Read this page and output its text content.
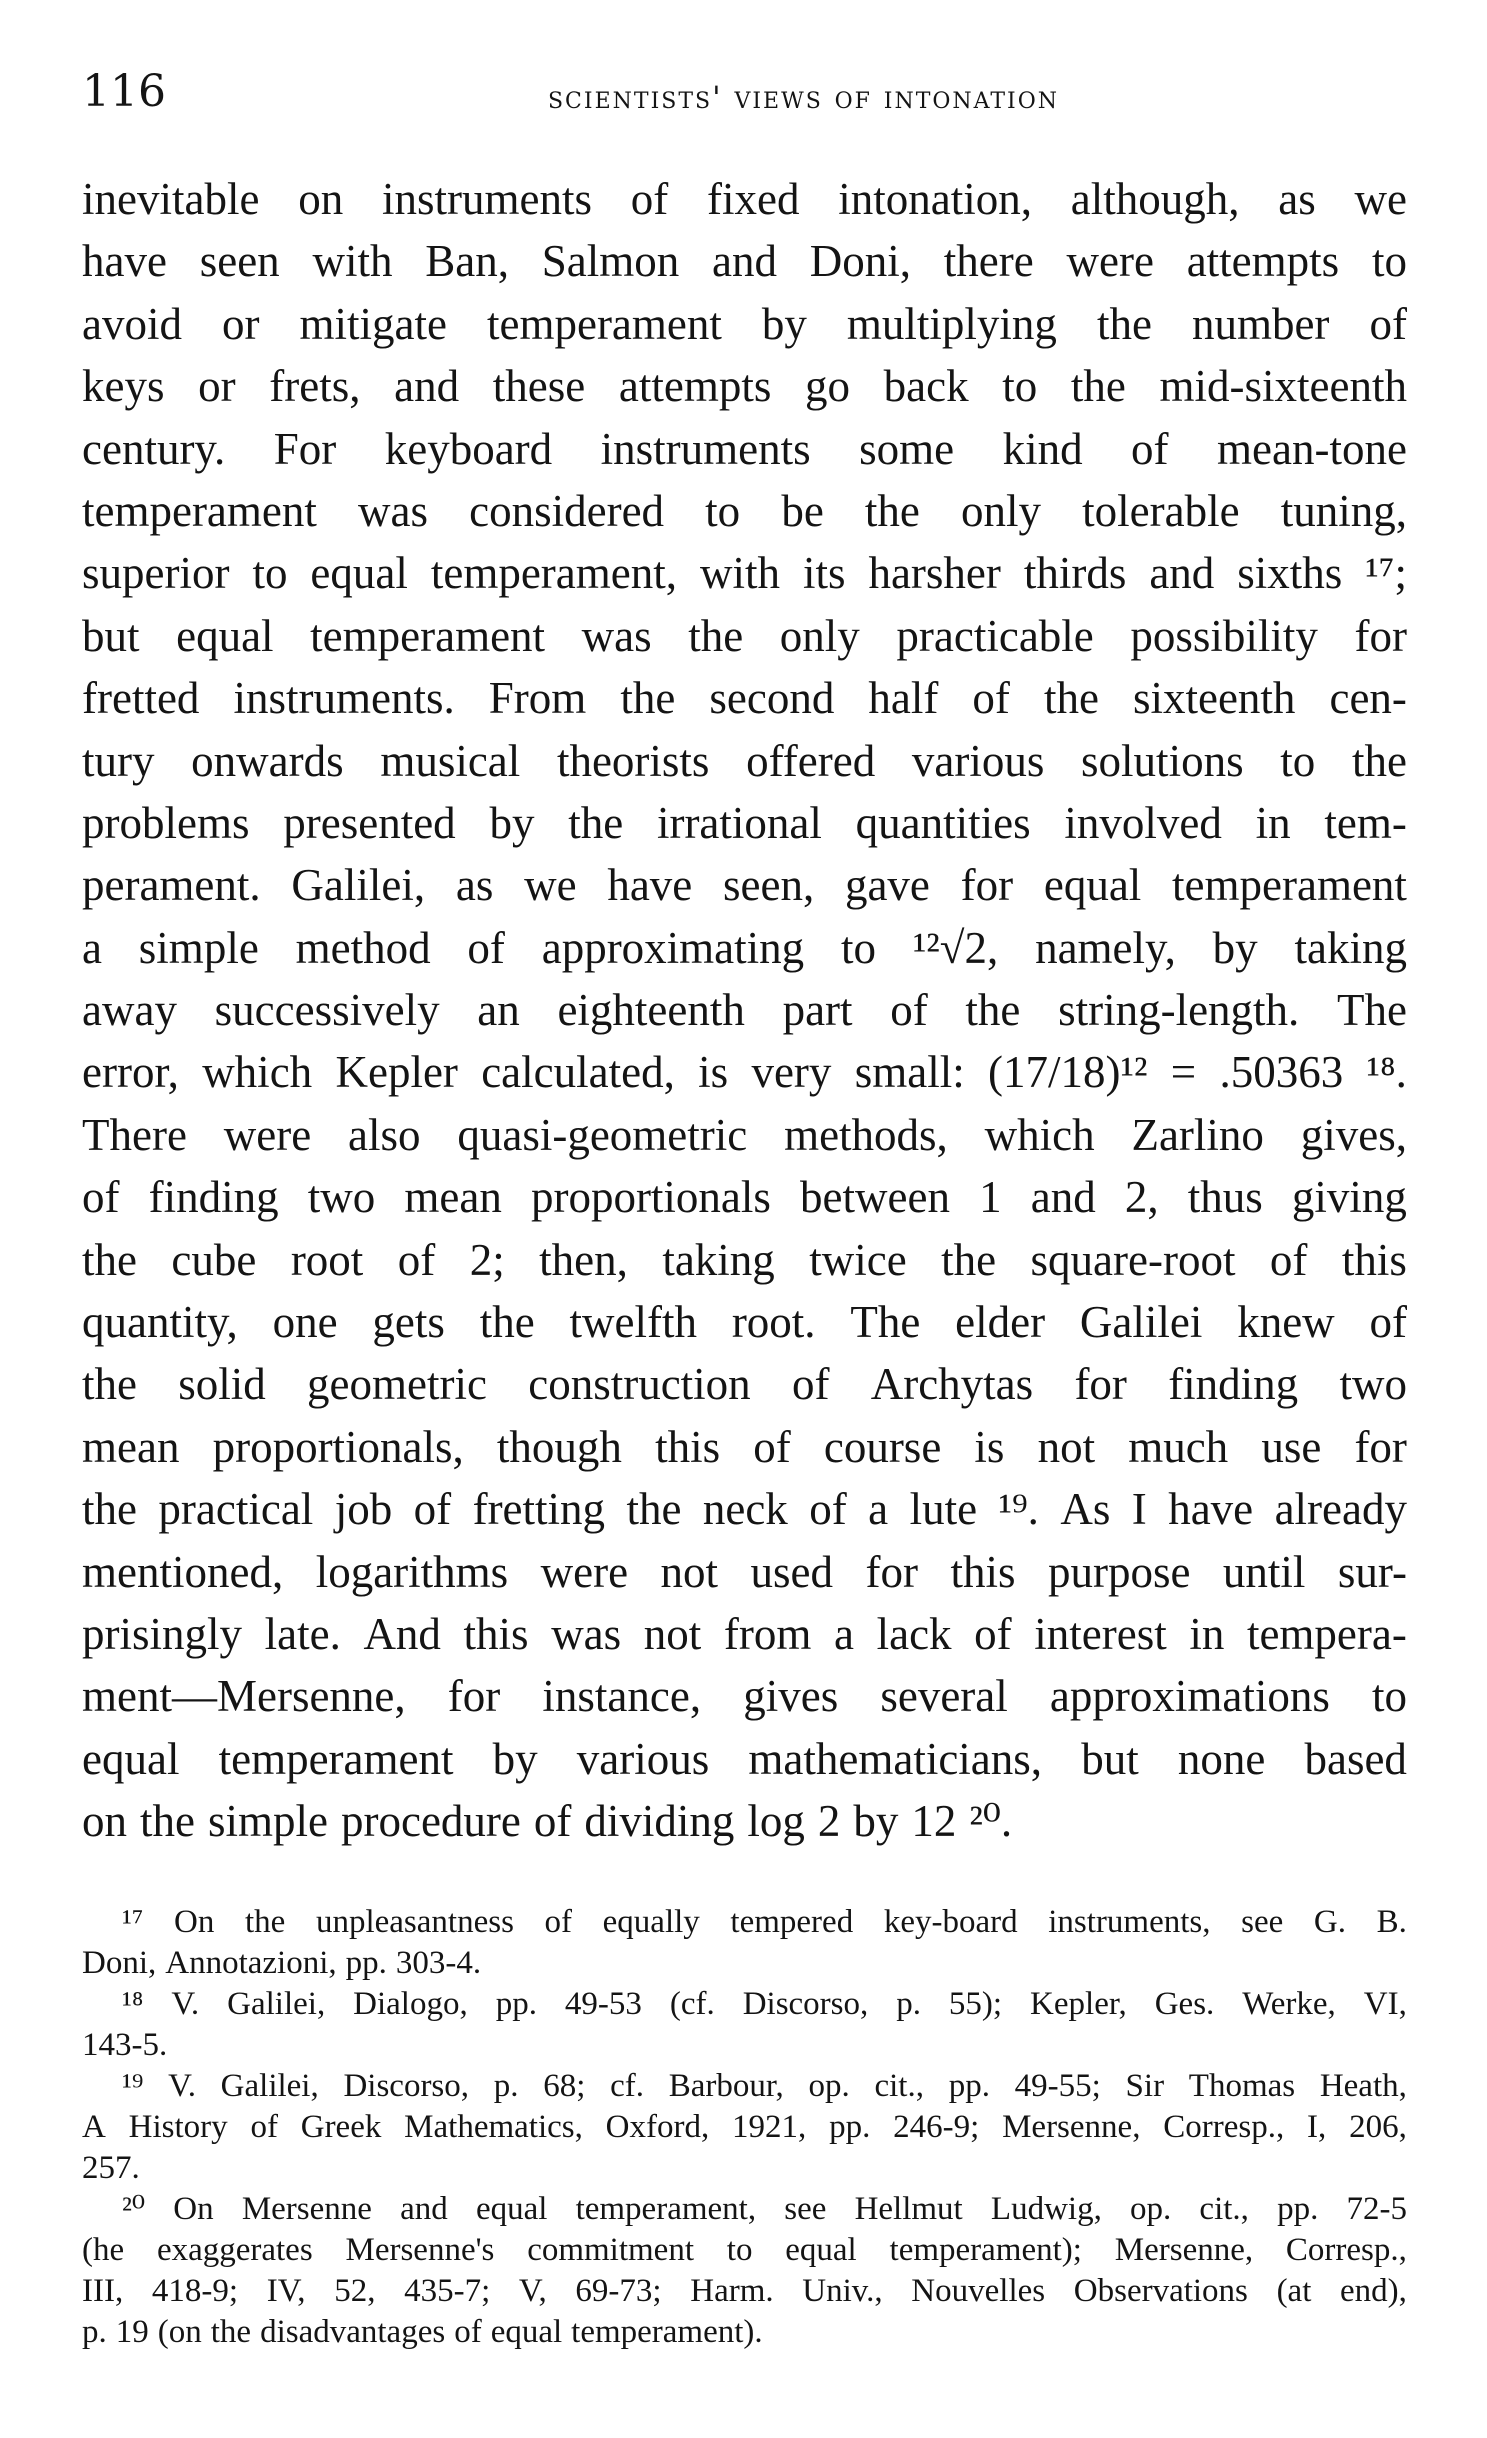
116	scientists' views of intonation
inevitable on instruments of fixed intonation, although, as we
have seen with Ban, Salmon and Doni, there were attempts to
avoid or mitigate temperament by multiplying the number of
keys or frets, and these attempts go back to the mid-sixteenth
century. For keyboard instruments some kind of mean-tone
temperament was considered to be the only tolerable tuning,
superior to equal temperament, with its harsher thirds and sixths ¹⁷;
but equal temperament was the only practicable possibility for
fretted instruments. From the second half of the sixteenth cen-
tury onwards musical theorists offered various solutions to the
problems presented by the irrational quantities involved in tem-
perament. Galilei, as we have seen, gave for equal temperament
a simple method of approximating to ¹²√2, namely, by taking
away successively an eighteenth part of the string-length. The
error, which Kepler calculated, is very small: (17/18)¹² = .50363 ¹⁸.
There were also quasi-geometric methods, which Zarlino gives,
of finding two mean proportionals between 1 and 2, thus giving
the cube root of 2; then, taking twice the square-root of this
quantity, one gets the twelfth root. The elder Galilei knew of
the solid geometric construction of Archytas for finding two
mean proportionals, though this of course is not much use for
the practical job of fretting the neck of a lute ¹⁹. As I have already
mentioned, logarithms were not used for this purpose until sur-
prisingly late. And this was not from a lack of interest in tempera-
ment—Mersenne, for instance, gives several approximations to
equal temperament by various mathematicians, but none based
on the simple procedure of dividing log 2 by 12 ²⁰.
¹⁷ On the unpleasantness of equally tempered key-board instruments, see G. B.
Doni, Annotazioni, pp. 303-4.
¹⁸ V. Galilei, Dialogo, pp. 49-53 (cf. Discorso, p. 55); Kepler, Ges. Werke, VI,
143-5.
¹⁹ V. Galilei, Discorso, p. 68; cf. Barbour, op. cit., pp. 49-55; Sir Thomas Heath,
A History of Greek Mathematics, Oxford, 1921, pp. 246-9; Mersenne, Corresp., I, 206,
257.
²⁰ On Mersenne and equal temperament, see Hellmut Ludwig, op. cit., pp. 72-5
(he exaggerates Mersenne's commitment to equal temperament); Mersenne, Corresp.,
III, 418-9; IV, 52, 435-7; V, 69-73; Harm. Univ., Nouvelles Observations (at end),
p. 19 (on the disadvantages of equal temperament).
